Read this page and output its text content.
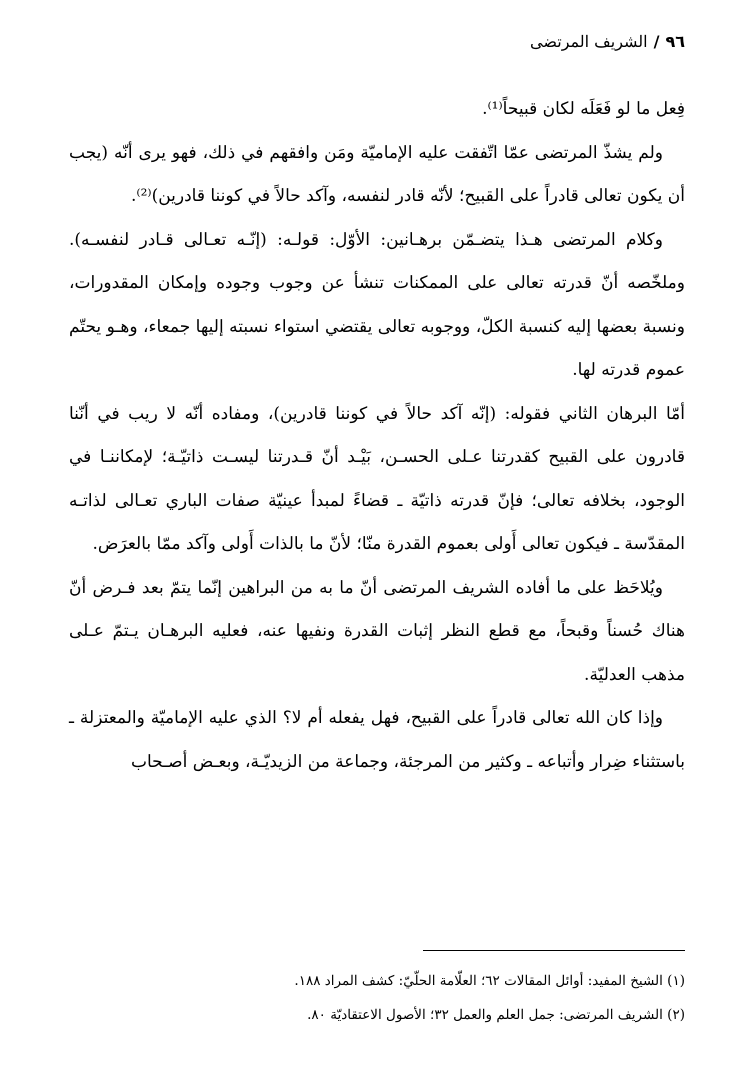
٩٦/الشريف المرتضى

فِعل ما لو فَعَلَه لكان قبيحاً⁽¹⁾.

ولم يشذّ المرتضى عمّا اتّفقت عليه الإماميّة ومَن وافقهم في ذلك، فهو يرى أنّه (يجب أن يكون تعالى قادراً على القبيح؛ لأنّه قادر لنفسه، وآكد حالاً في كوننا قادرين)⁽²⁾.

وكلام المرتضى هـذا يتضـمّن برهـانين: الأوّل: قولـه: (إنّـه تعـالى قـادر لنفسـه). وملخّصه أنّ قدرته تعالى على الممكنات تنشأ عن وجوب وجوده وإمكان المقدورات، ونسبة بعضها إليه كنسبة الكلّ، ووجوبه تعالى يقتضي استواء نسبته إليها جمعاء، وهـو يحتّم عموم قدرته لها.

أمّا البرهان الثاني فقوله: (إنّه آكد حالاً في كوننا قادرين)، ومفاده أنّه لا ريب في أنّنا قادرون على القبيح كقدرتنا عـلى الحسـن، بَيْـد أنّ قـدرتنا ليسـت ذاتيّـة؛ لإمكاننـا في الوجود، بخلافه تعالى؛ فإنّ قدرته ذاتيّة ـ قضاءً لمبدأ عينيّة صفات الباري تعـالى لذاتـه المقدّسة ـ فيكون تعالى أَولى بعموم القدرة منّا؛ لأنّ ما بالذات أَولى وآكد ممّا بالعرَض.

ويُلاحَظ على ما أفاده الشريف المرتضى أنّ ما به من البراهين إنّما يتمّ بعد فـرض أنّ هناك حُسناً وقبحاً، مع قطع النظر إثبات القدرة ونفيها عنه، فعليه البرهـان يـتمّ عـلى مذهب العدليّة.

وإذا كان الله تعالى قادراً على القبيح، فهل يفعله أم لا؟ الذي عليه الإماميّة والمعتزلة ـ باستثناء ضِرار وأتباعه ـ وكثير من المرجئة، وجماعة من الزيديّـة، وبعـض أصـحاب

(١) الشيخ المفيد: أوائل المقالات ٦٢؛ العلّامة الحلّيّ: كشف المراد ١٨٨.

(٢) الشريف المرتضى: جمل العلم والعمل ٣٢؛ الأصول الاعتقاديّة ٨٠.
